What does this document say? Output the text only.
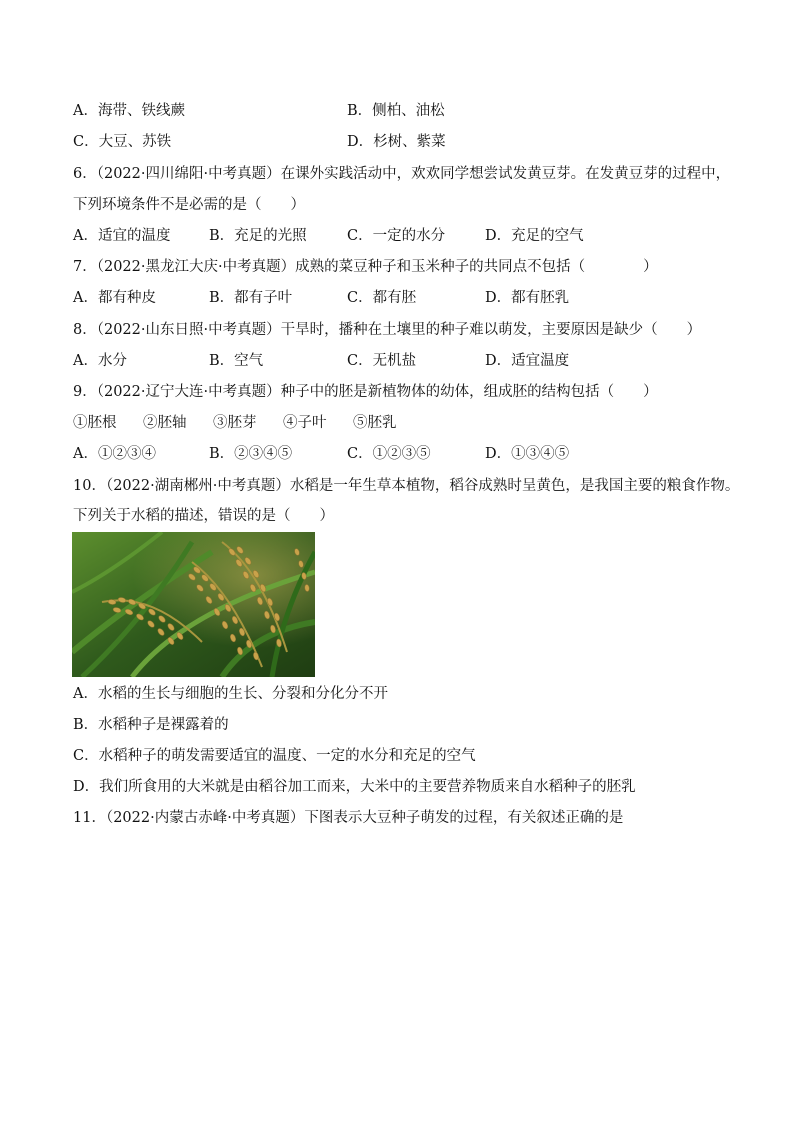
A．海带、铁线蕨	B．侧柏、油松
C．大豆、苏铁	D．杉树、紫菜
6．（2022·四川绵阳·中考真题）在课外实践活动中，欢欢同学想尝试发黄豆芽。在发黄豆芽的过程中，
下列环境条件不是必需的是（　　）
A．适宜的温度	B．充足的光照	C．一定的水分	D．充足的空气
7．（2022·黑龙江大庆·中考真题）成熟的菜豆种子和玉米种子的共同点不包括（　　　　）
A．都有种皮	B．都有子叶	C．都有胚	D．都有胚乳
8．（2022·山东日照·中考真题）干旱时，播种在土壤里的种子难以萌发，主要原因是缺少（　　）
A．水分	B．空气	C．无机盐	D．适宜温度
9．（2022·辽宁大连·中考真题）种子中的胚是新植物体的幼体，组成胚的结构包括（　　）
①胚根 ②胚轴 ③胚芽 ④子叶 ⑤胚乳
A．①②③④	B．②③④⑤	C．①②③⑤	D．①③④⑤
10．（2022·湖南郴州·中考真题）水稻是一年生草本植物，稻谷成熟时呈黄色，是我国主要的粮食作物。
下列关于水稻的描述，错误的是（　　）
A．水稻的生长与细胞的生长、分裂和分化分不开
B．水稻种子是裸露着的
C．水稻种子的萌发需要适宜的温度、一定的水分和充足的空气
D．我们所食用的大米就是由稻谷加工而来，大米中的主要营养物质来自水稻种子的胚乳
11．（2022·内蒙古赤峰·中考真题）下图表示大豆种子萌发的过程，有关叙述正确的是
